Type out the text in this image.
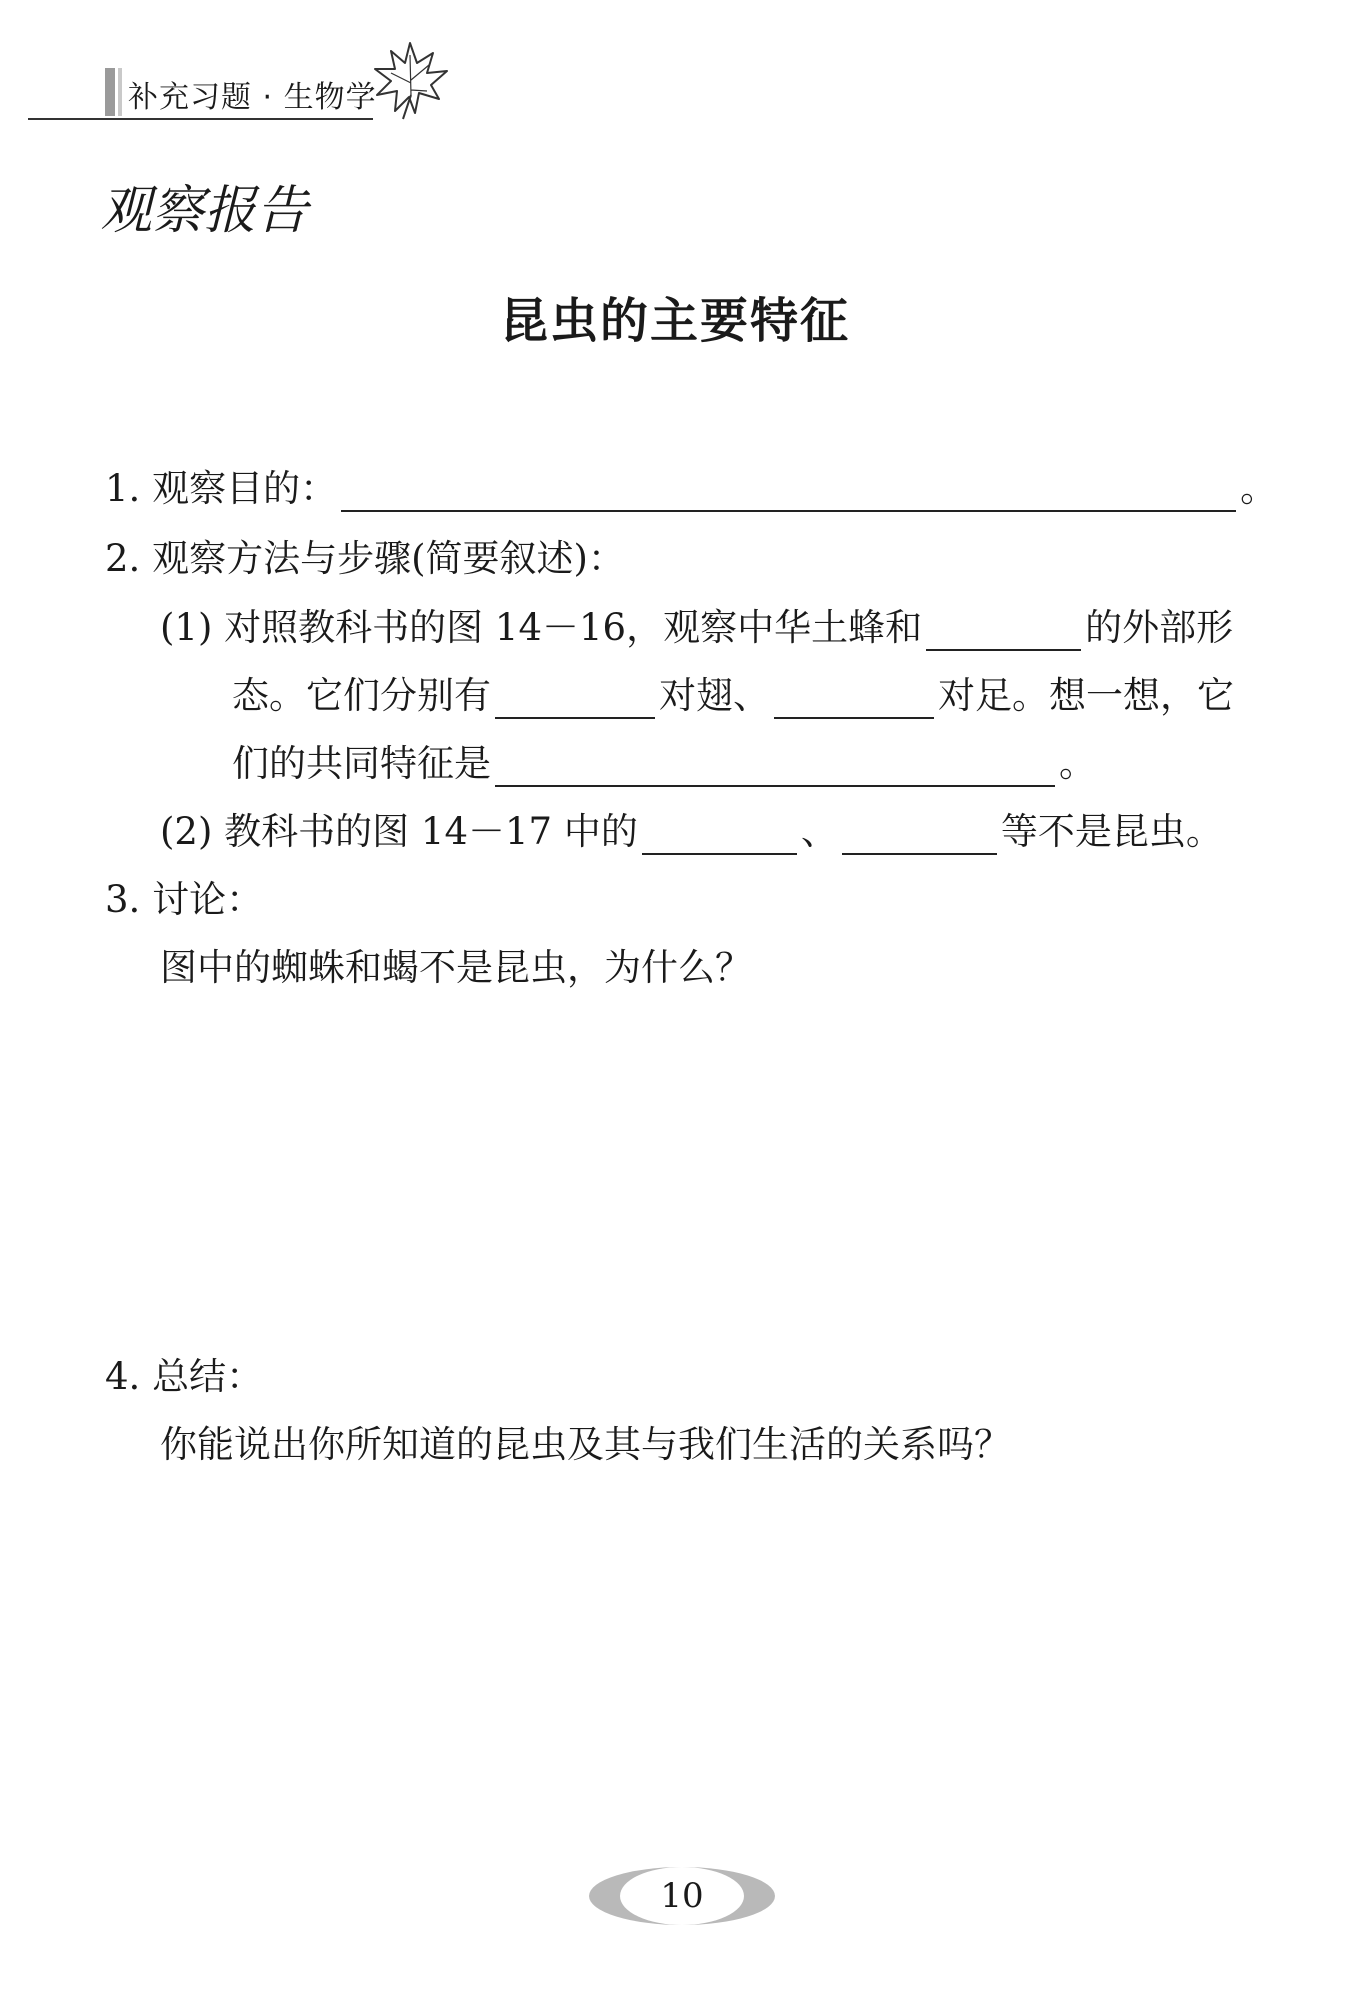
补充习题 · 生物学
观察报告
昆虫的主要特征
1. 观察目的：	。
2. 观察方法与步骤(简要叙述)：
(1) 对照教科书的图 14－16，观察中华土蜂和	的外部形
态。它们分别有	对翅、	对足。想一想，它
们的共同特征是	。
(2) 教科书的图 14－17 中的	、	等不是昆虫。
3. 讨论：
图中的蜘蛛和蝎不是昆虫，为什么？
4. 总结：
你能说出你所知道的昆虫及其与我们生活的关系吗？
10
